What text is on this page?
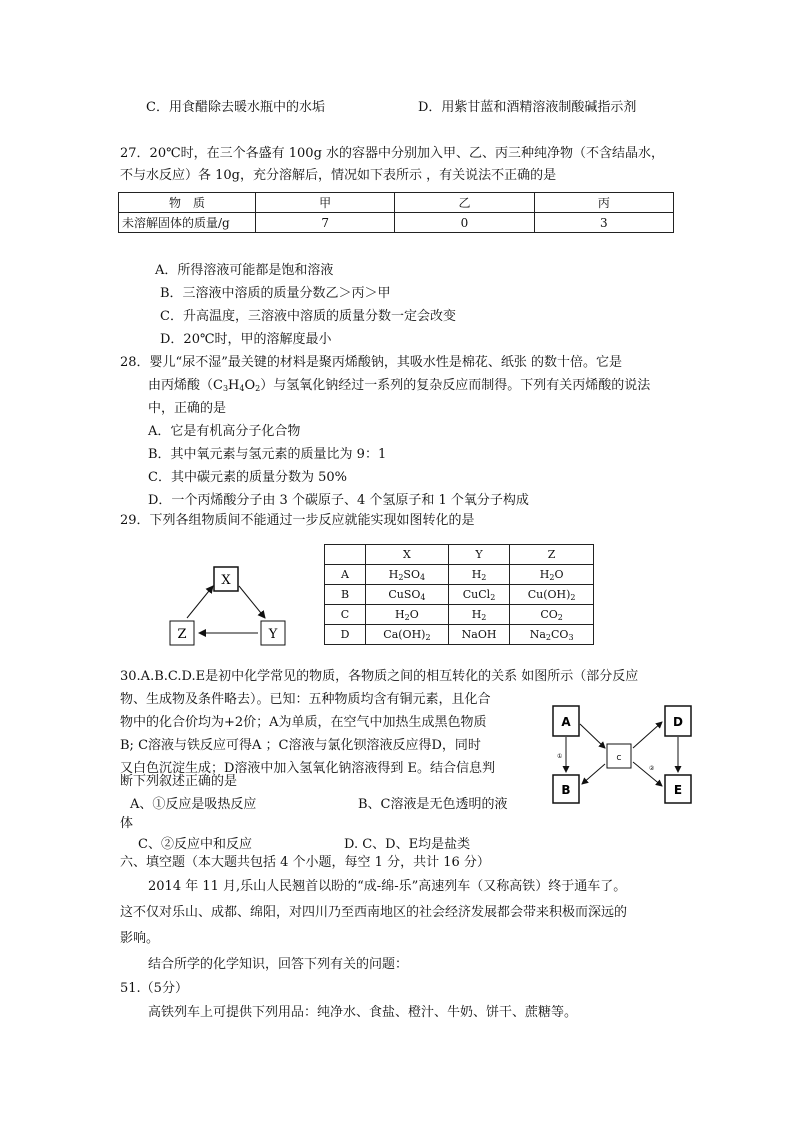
C．用食醋除去暖水瓶中的水垢	D．用紫甘蓝和酒精溶液制酸碱指示剂
27．20℃时，在三个各盛有 100g 水的容器中分别加入甲、乙、丙三种纯净物（不含结晶水，
不与水反应）各 10g，充分溶解后，情况如下表所示 ，有关说法不正确的是
物　质	甲	乙	丙
未溶解固体的质量/g	7	0	3
A．所得溶液可能都是饱和溶液
B．三溶液中溶质的质量分数乙＞丙＞甲
C．升高温度，三溶液中溶质的质量分数一定会改变
D．20℃时，甲的溶解度最小
28．婴儿“尿不湿”最关键的材料是聚丙烯酸钠，其吸水性是棉花、纸张 的数十倍。它是
由丙烯酸$(C_3H_4O_2)$与氢氧化钠经过一系列的复杂反应而制得。下列有关丙烯酸的说法
中，正确的是
A．它是有机高分子化合物
B．其中氧元素与氢元素的质量比为 9：1
C．其中碳元素的质量分数为 50%
D．一个丙烯酸分子由 3 个碳原子、4 个氢原子和 1 个氧分子构成
29．下列各组物质间不能通过一步反应就能实现如图转化的是
X
Y
Z
	X	Y	Z
A	$H_2SO_4$	$H_2$	$H_2O$
B	CuSO$_4$	CuCl$_2$	$Cu(OH)_2$
C	$H_2O$	$H_2$	$CO_2$
D	$Ca(OH)_2$	NaOH	$Na_2CO_3$
30.A.B.C.D.E是初中化学常见的物质，各物质之间的相互转化的关系 如图所示（部分反应
物、生成物及条件略去）。已知：五种物质均含有铜元素，且化合
物中的化合价均为+2价；A为单质，在空气中加热生成黑色物质
B; C溶液与铁反应可得A ；C溶液与氯化钡溶液反应得D，同时
又白色沉淀生成；D溶液中加入氢氧化钠溶液得到 E。结合信息判
断下列叙述正确的是
A、①反应是吸热反应	B、C溶液是无色透明的液
体
C、②反应中和反应	D. C、D、E均是盐类
A
B
C
D
E
①
②
六、填空题（本大题共包括 4 个小题，每空 1 分，共计 16 分）
2014 年 11 月,乐山人民翘首以盼的“成-绵-乐”高速列车（又称高铁）终于通车了。
这不仅对乐山、成都、绵阳，对四川乃至西南地区的社会经济发展都会带来积极而深远的
影响。
结合所学的化学知识，回答下列有关的问题：
51.（5分）
高铁列车上可提供下列用品：纯净水、食盐、橙汁、牛奶、饼干、蔗糖等。
